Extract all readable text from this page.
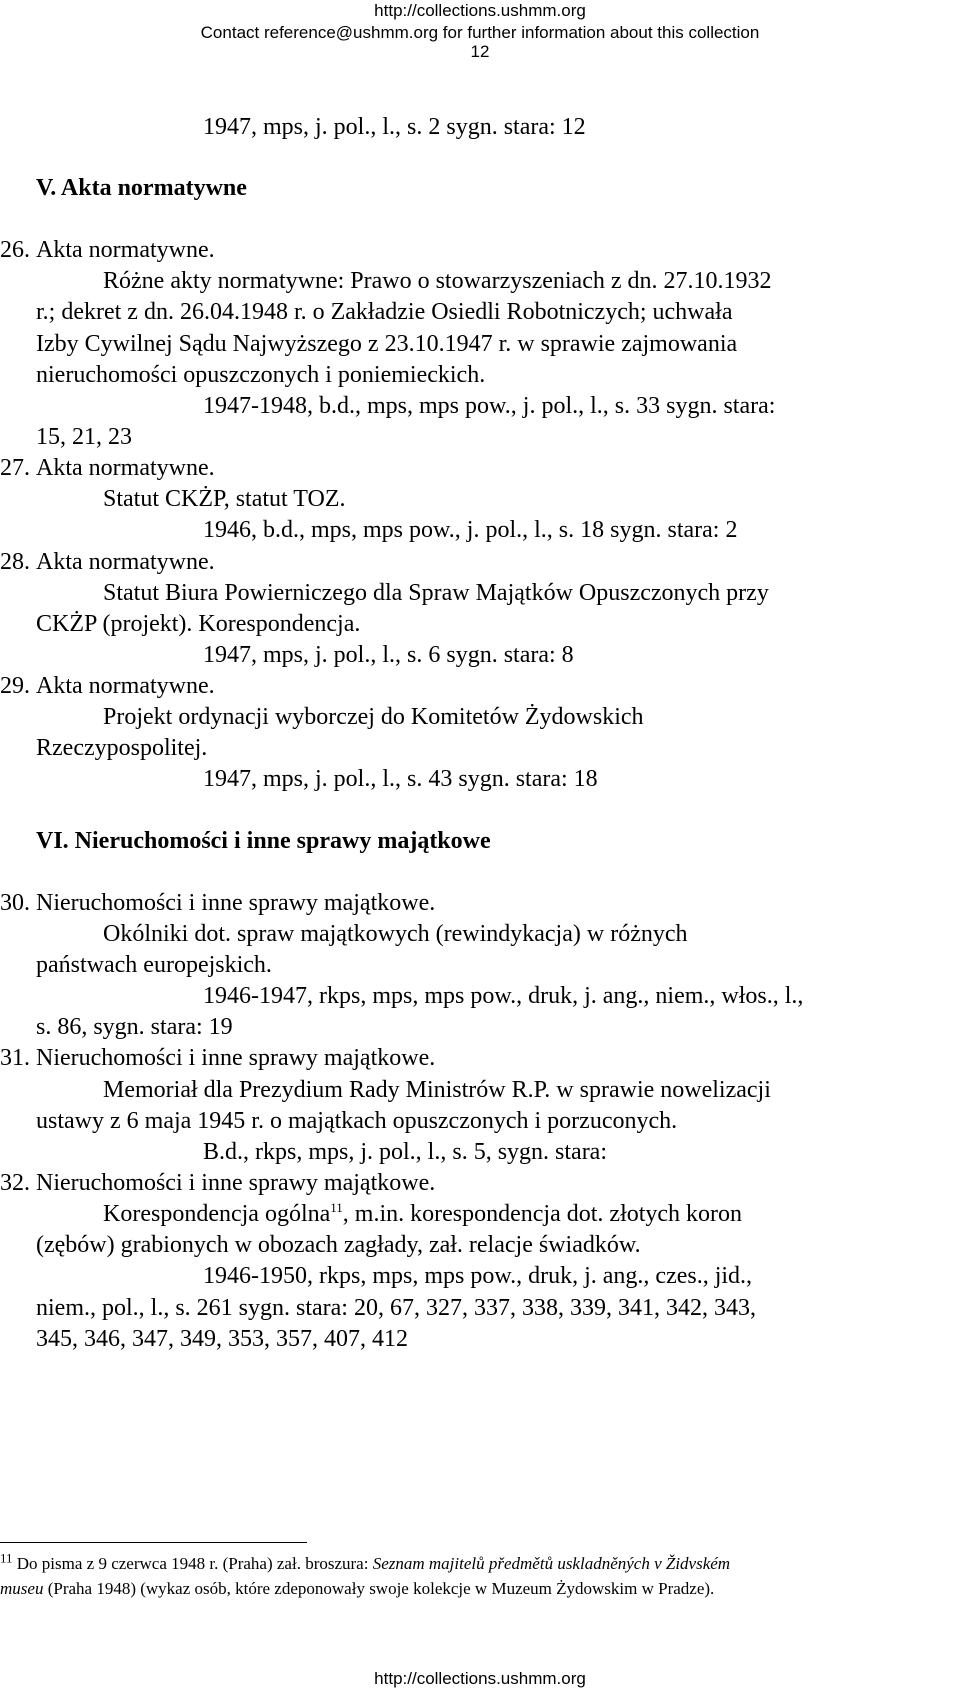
http://collections.ushmm.org
Contact reference@ushmm.org for further information about this collection
12
1947, mps, j. pol., l., s. 2 sygn. stara: 12
V. Akta normatywne
26. Akta normatywne.
Różne akty normatywne: Prawo o stowarzyszeniach z dn. 27.10.1932
r.; dekret z dn. 26.04.1948 r. o Zakładzie Osiedli Robotniczych; uchwała
Izby Cywilnej Sądu Najwyższego z 23.10.1947 r. w sprawie zajmowania
nieruchomości opuszczonych i poniemieckich.
1947-1948, b.d., mps, mps pow., j. pol., l., s. 33 sygn. stara:
15, 21, 23
27. Akta normatywne.
Statut CKŻP, statut TOZ.
1946, b.d., mps, mps pow., j. pol., l., s. 18 sygn. stara: 2
28. Akta normatywne.
Statut Biura Powierniczego dla Spraw Majątków Opuszczonych przy
CKŻP (projekt). Korespondencja.
1947, mps, j. pol., l., s. 6 sygn. stara: 8
29. Akta normatywne.
Projekt ordynacji wyborczej do Komitetów Żydowskich
Rzeczypospolitej.
1947, mps, j. pol., l., s. 43 sygn. stara: 18
VI. Nieruchomości i inne sprawy majątkowe
30. Nieruchomości i inne sprawy majątkowe.
Okólniki dot. spraw majątkowych (rewindykacja) w różnych
państwach europejskich.
1946-1947, rkps, mps, mps pow., druk, j. ang., niem., włos., l.,
s. 86, sygn. stara: 19
31. Nieruchomości i inne sprawy majątkowe.
Memoriał dla Prezydium Rady Ministrów R.P. w sprawie nowelizacji
ustawy z 6 maja 1945 r. o majątkach opuszczonych i porzuconych.
B.d., rkps, mps, j. pol., l., s. 5, sygn. stara:
32. Nieruchomości i inne sprawy majątkowe.
Korespondencja ogólna$^{11}$, m.in. korespondencja dot. złotych koron
(zębów) grabionych w obozach zagłady, zał. relacje świadków.
1946-1950, rkps, mps, mps pow., druk, j. ang., czes., jid.,
niem., pol., l., s. 261 sygn. stara: 20, 67, 327, 337, 338, 339, 341, 342, 343,
345, 346, 347, 349, 353, 357, 407, 412
$^{11}$ Do pisma z 9 czerwca 1948 r. (Praha) zał. broszura: Seznam majitelů předmětů uskladněných v Židvském
museu (Praha 1948) (wykaz osób, które zdeponowały swoje kolekcje w Muzeum Żydowskim w Pradze).
http://collections.ushmm.org
